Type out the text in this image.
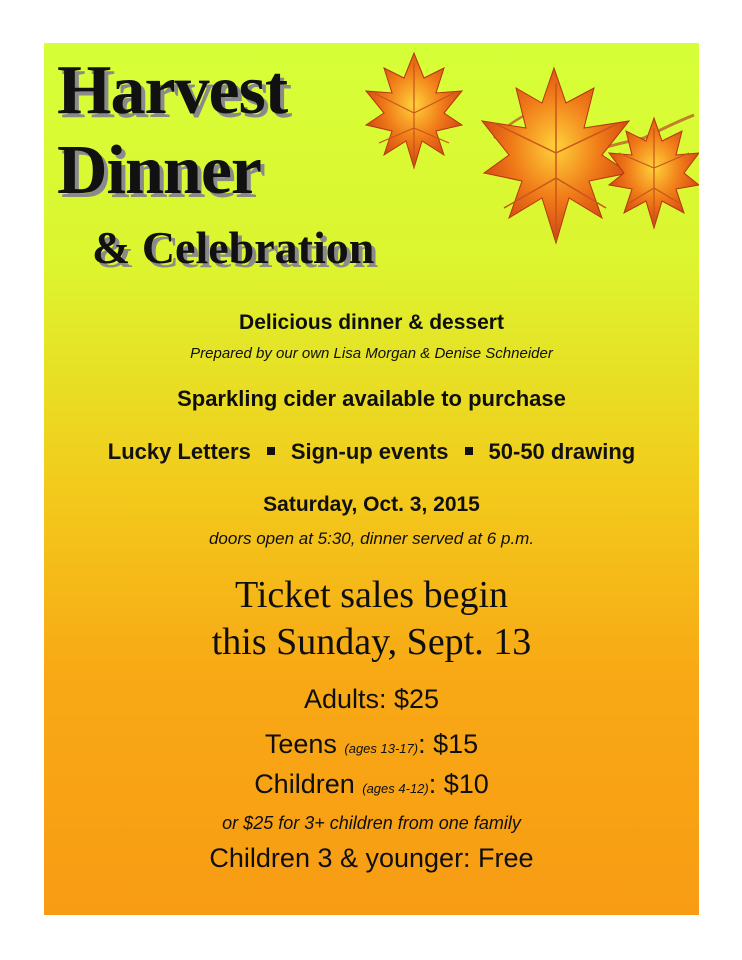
Harvest
Dinner
& Celebration

Delicious dinner & dessert

Prepared by our own Lisa Morgan & Denise Schneider

Sparkling cider available to purchase

Lucky Letters Sign-up events 50-50 drawing

Saturday, Oct. 3, 2015

doors open at 5:30, dinner served at 6 p.m.

Ticket sales begin

this Sunday, Sept. 13

Adults: $25

Teens (ages 13-17): $15

Children (ages 4-12): $10

or $25 for 3+ children from one family

Children 3 & younger: Free
